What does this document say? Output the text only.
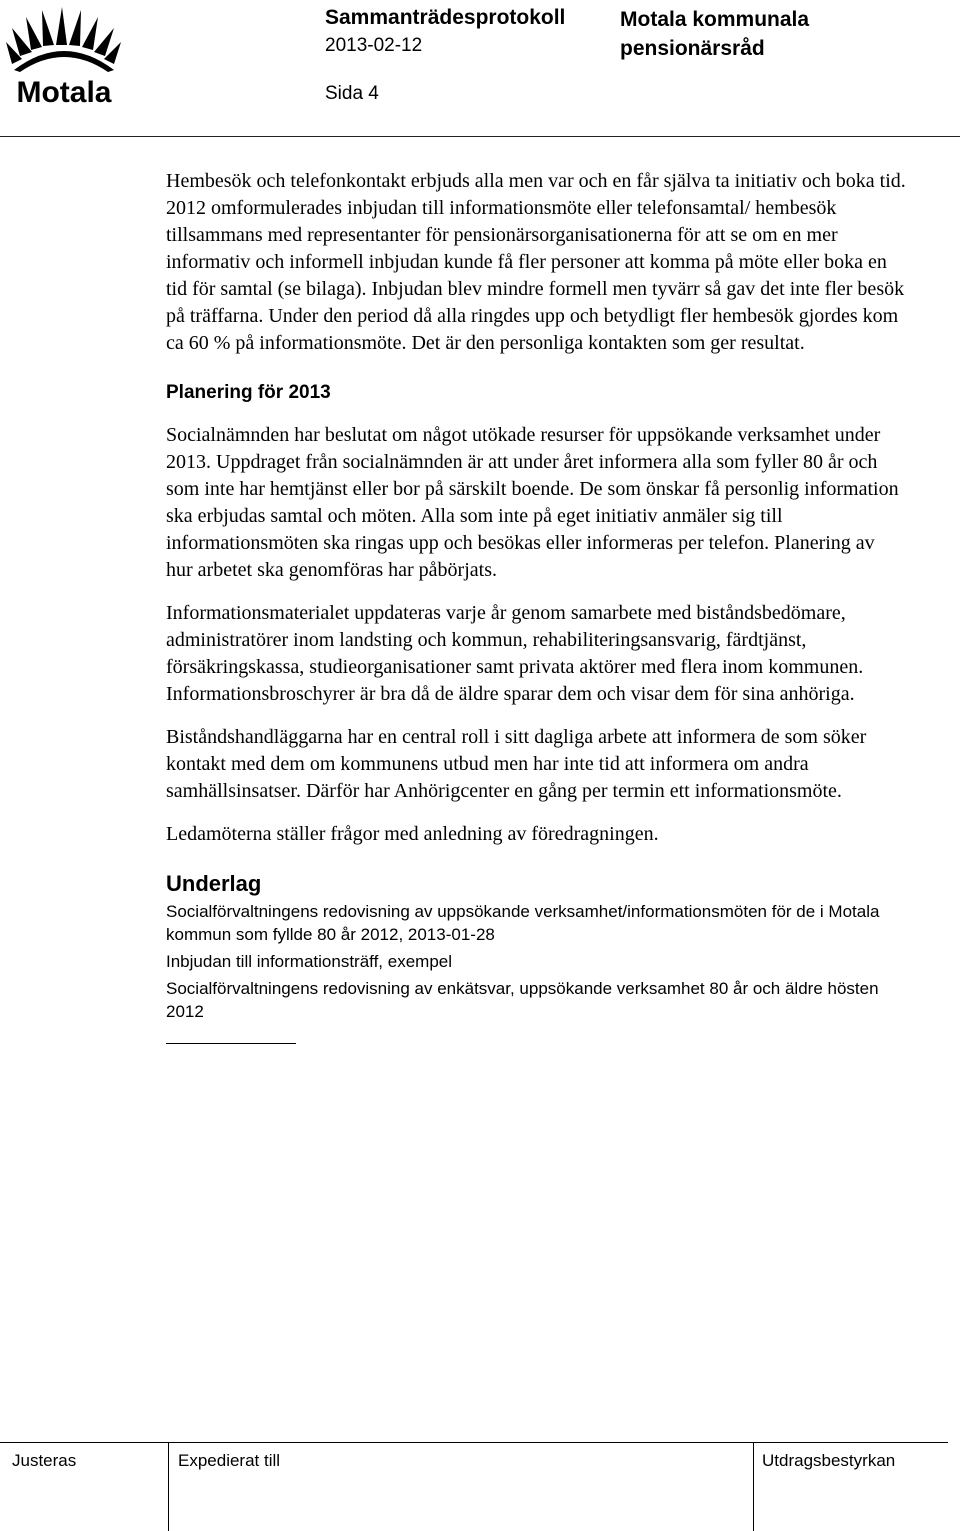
Motala
Sammanträdesprotokoll
2013-02-12
Sida 4
Motala kommunala
pensionärsråd

Hembesök och telefonkontakt erbjuds alla men var och en får själva ta initiativ och boka tid.

2012 omformulerades inbjudan till informationsmöte eller telefonsamtal/ hembesök tillsammans med representanter för pensionärsorganisationerna för att se om en mer informativ och informell inbjudan kunde få fler personer att komma på möte eller boka en tid för samtal (se bilaga). Inbjudan blev mindre formell men tyvärr så gav det inte fler besök på träffarna. Under den period då alla ringdes upp och betydligt fler hembesök gjordes kom ca 60 % på informationsmöte. Det är den personliga kontakten som ger resultat.

Planering för 2013
Socialnämnden har beslutat om något utökade resurser för uppsökande verksamhet under 2013. Uppdraget från socialnämnden är att under året informera alla som fyller 80 år och som inte har hemtjänst eller bor på särskilt boende. De som önskar få personlig information ska erbjudas samtal och möten. Alla som inte på eget initiativ anmäler sig till informationsmöten ska ringas upp och besökas eller informeras per telefon. Planering av hur arbetet ska genomföras har påbörjats.
Informationsmaterialet uppdateras varje år genom samarbete med biståndsbedömare, administratörer inom landsting och kommun, rehabiliteringsansvarig, färdtjänst, försäkringskassa, studieorganisationer samt privata aktörer med flera inom kommunen. Informationsbroschyrer är bra då de äldre sparar dem och visar dem för sina anhöriga.
Biståndshandläggarna har en central roll i sitt dagliga arbete att informera de som söker kontakt med dem om kommunens utbud men har inte tid att informera om andra samhällsinsatser. Därför har Anhörigcenter en gång per termin ett informationsmöte.
Ledamöterna ställer frågor med anledning av föredragningen.
Underlag
Socialförvaltningens redovisning av uppsökande verksamhet/informationsmöten för de i Motala kommun som fyllde 80 år 2012, 2013-01-28
Inbjudan till informationsträff, exempel
Socialförvaltningens redovisning av enkätsvar, uppsökande verksamhet 80 år och äldre hösten 2012
Justeras	Expedierat till	Utdragsbestyrkan
